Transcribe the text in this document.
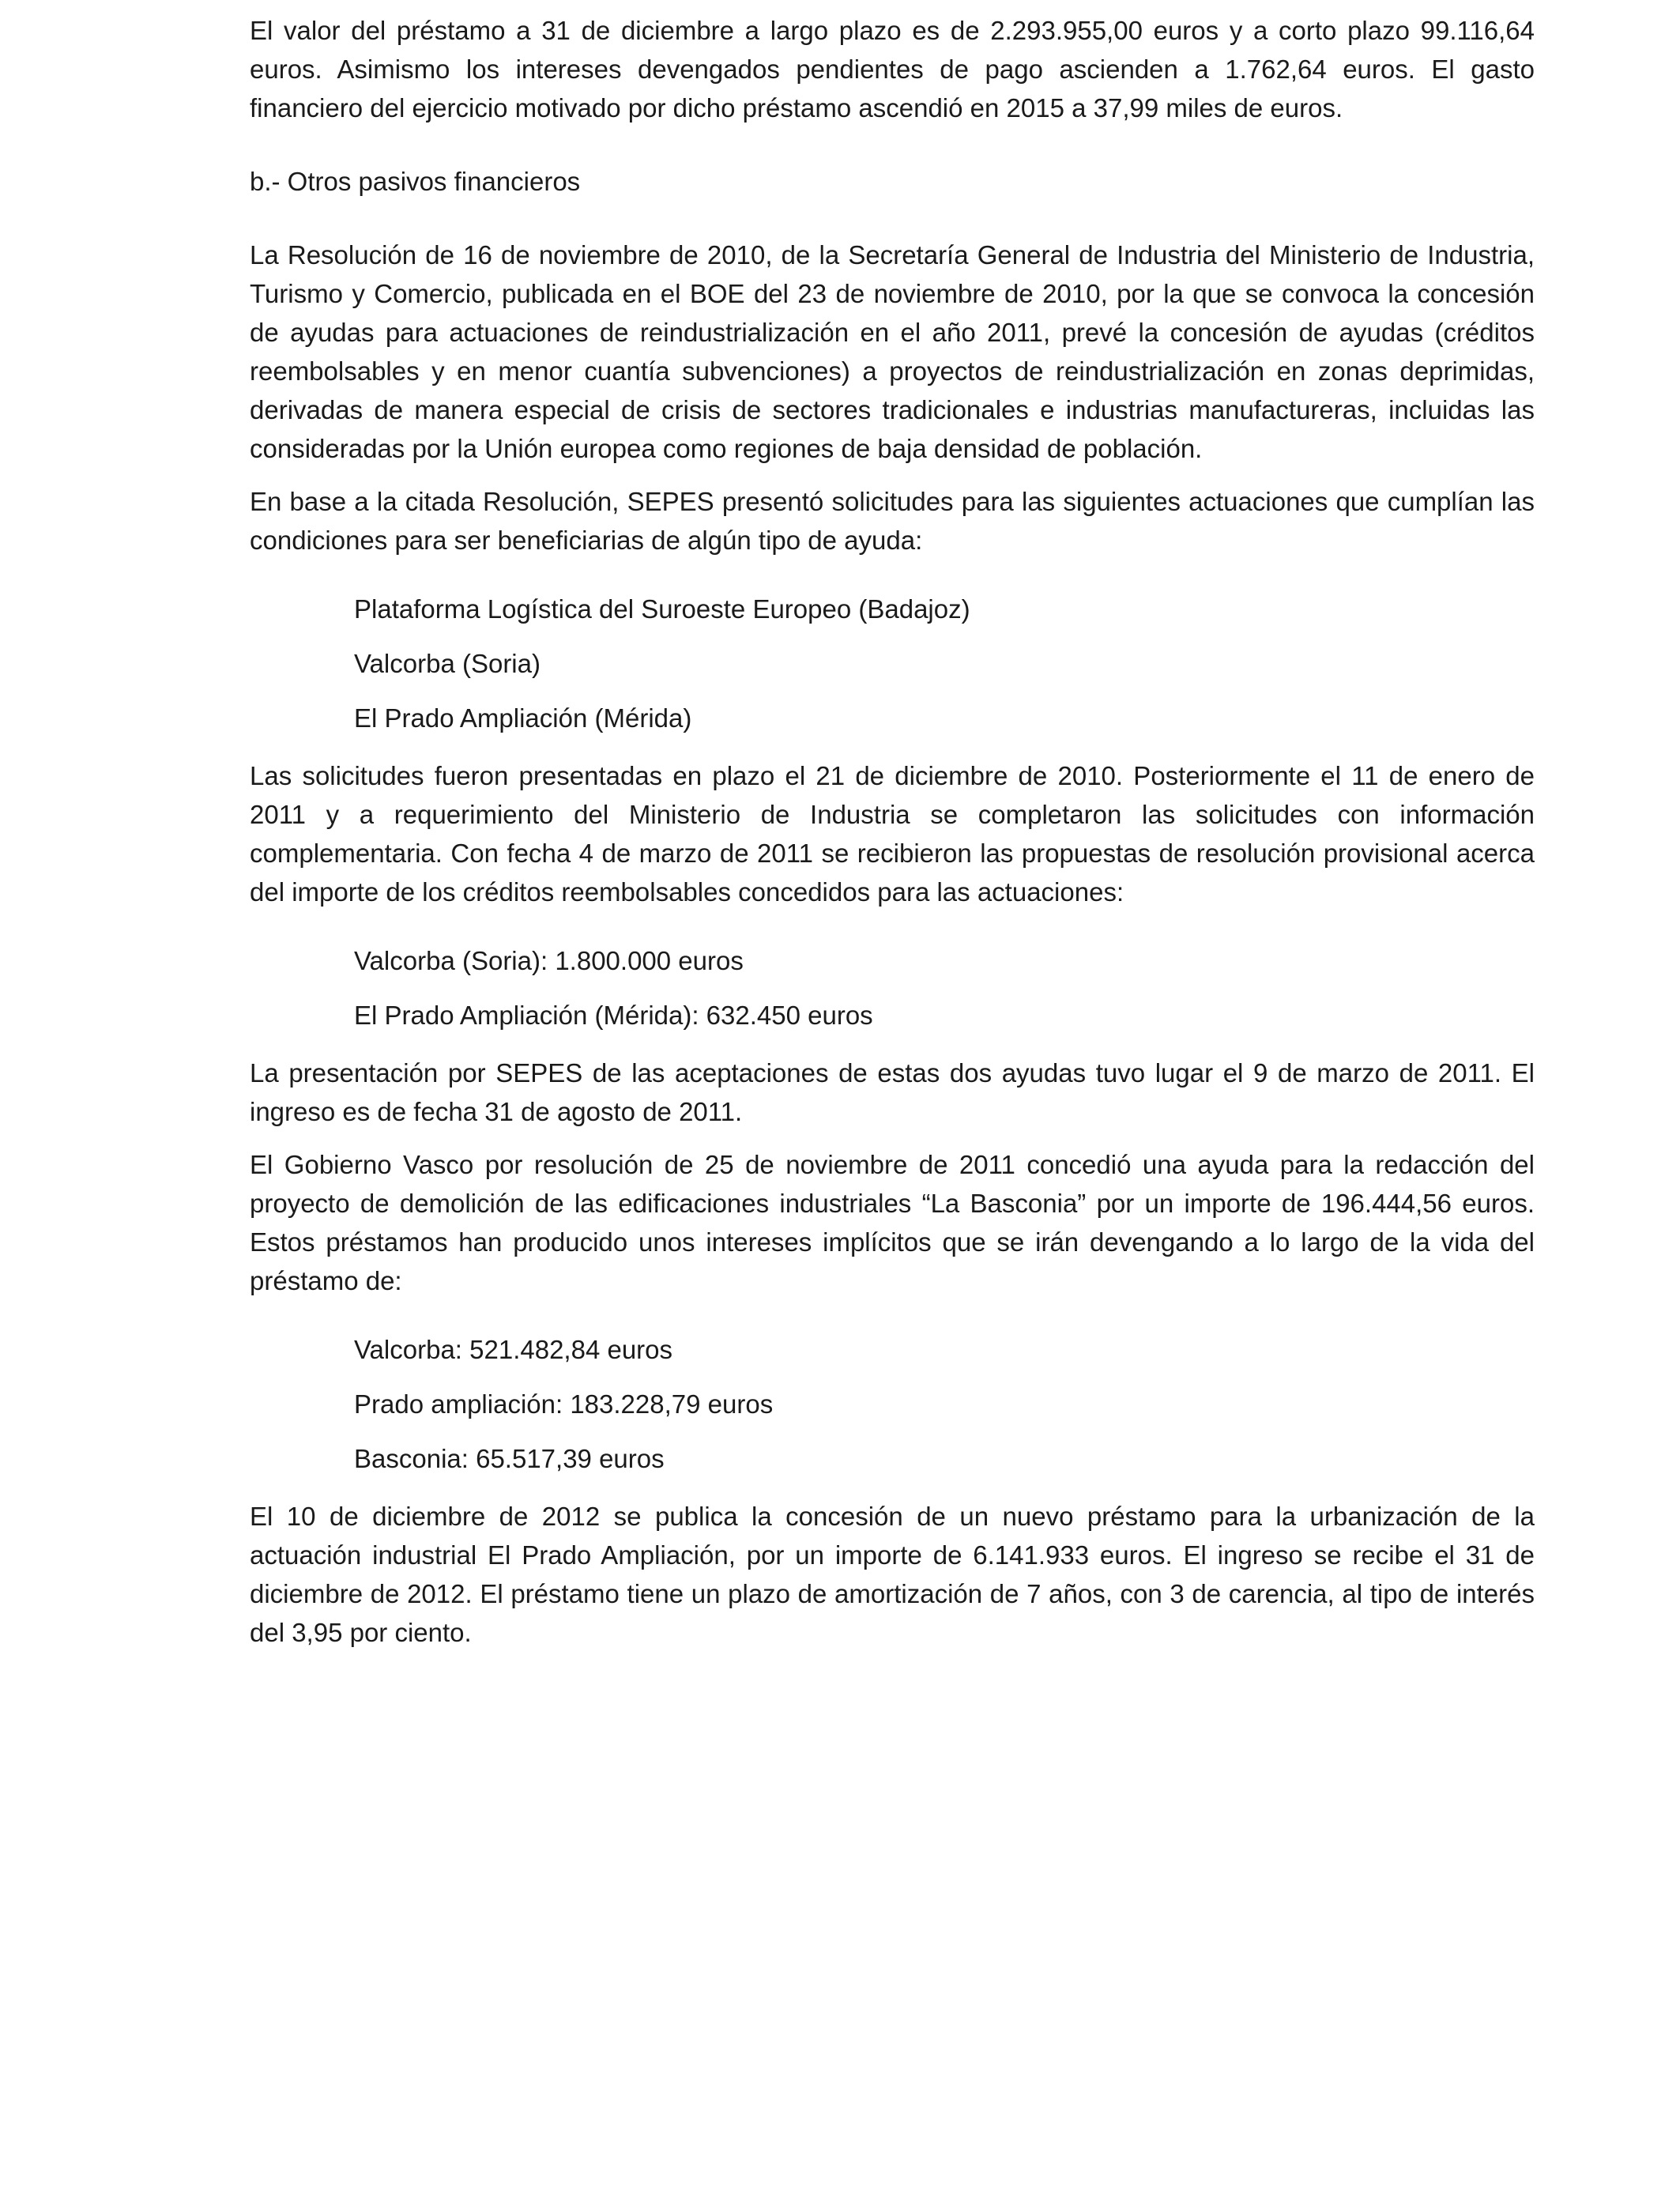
El valor del préstamo a 31 de diciembre a largo plazo es de 2.293.955,00 euros y a corto plazo 99.116,64 euros. Asimismo los intereses devengados pendientes de pago ascienden a 1.762,64 euros. El gasto financiero del ejercicio motivado por dicho préstamo ascendió en 2015 a 37,99 miles de euros.

b.- Otros pasivos financieros

La Resolución de 16 de noviembre de 2010, de la Secretaría General de Industria del Ministerio de Industria, Turismo y Comercio, publicada en el BOE del 23 de noviembre de 2010, por la que se convoca la concesión de ayudas para actuaciones de reindustrialización en el año 2011, prevé la concesión de ayudas (créditos reembolsables y en menor cuantía subvenciones) a proyectos de reindustrialización en zonas deprimidas, derivadas de manera especial de crisis de sectores tradicionales e industrias manufactureras, incluidas las consideradas por la Unión europea como regiones de baja densidad de población.

En base a la citada Resolución, SEPES presentó solicitudes para las siguientes actuaciones que cumplían las condiciones para ser beneficiarias de algún tipo de ayuda:

Plataforma Logística del Suroeste Europeo (Badajoz)
Valcorba (Soria)
El Prado Ampliación (Mérida)

Las solicitudes fueron presentadas en plazo el 21 de diciembre de 2010. Posteriormente el 11 de enero de 2011 y a requerimiento del Ministerio de Industria se completaron las solicitudes con información complementaria. Con fecha 4 de marzo de 2011 se recibieron las propuestas de resolución provisional acerca del importe de los créditos reembolsables concedidos para las actuaciones:

Valcorba (Soria): 1.800.000 euros
El Prado Ampliación (Mérida): 632.450 euros

La presentación por SEPES de las aceptaciones de estas dos ayudas tuvo lugar el 9 de marzo de 2011. El ingreso es de fecha 31 de agosto de 2011.

El Gobierno Vasco por resolución de 25 de noviembre de 2011 concedió una ayuda para la redacción del proyecto de demolición de las edificaciones industriales “La Basconia” por un importe de 196.444,56 euros. Estos préstamos han producido unos intereses implícitos que se irán devengando a lo largo de la vida del préstamo de:

Valcorba: 521.482,84 euros
Prado ampliación: 183.228,79 euros
Basconia: 65.517,39 euros

El 10 de diciembre de 2012 se publica la concesión de un nuevo préstamo para la urbanización de la actuación industrial El Prado Ampliación, por un importe de 6.141.933 euros. El ingreso se recibe el 31 de diciembre de 2012. El préstamo tiene un plazo de amortización de 7 años, con 3 de carencia, al tipo de interés del 3,95 por ciento.
